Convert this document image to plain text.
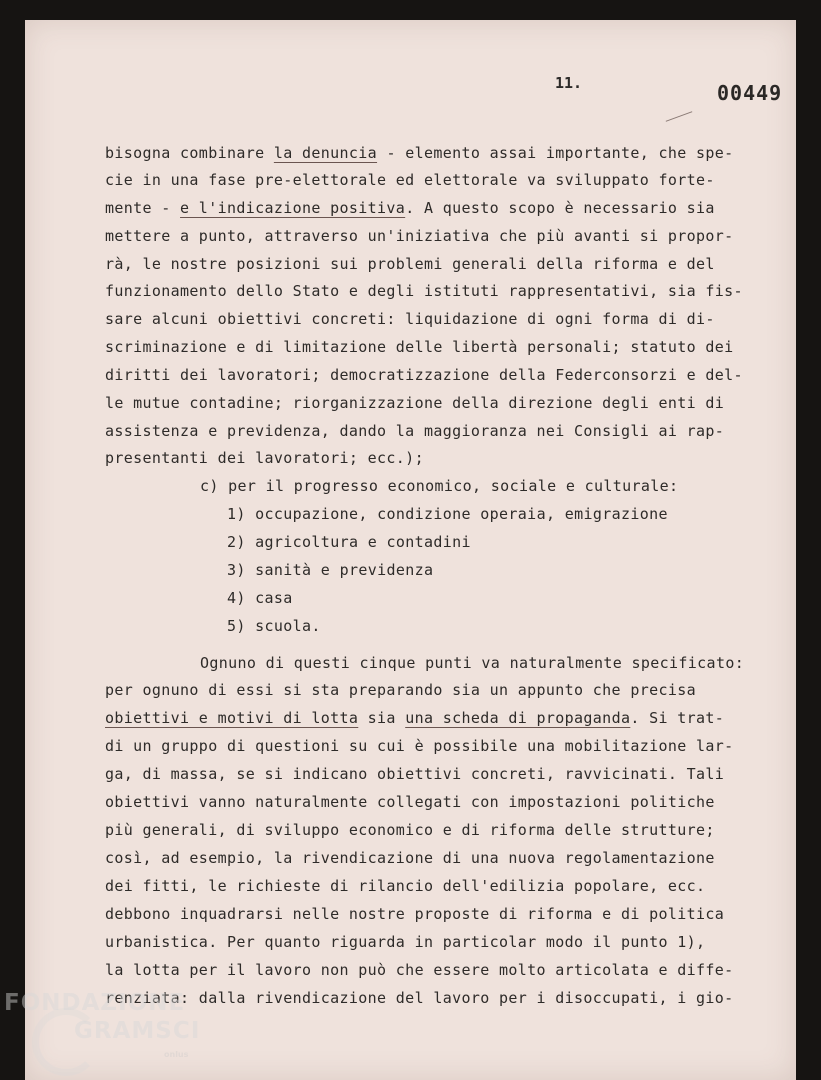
11.	00449
bisogna combinare la denuncia - elemento assai importante, che spe-
cie in una fase pre-elettorale ed elettorale va sviluppato forte-
mente - e l'indicazione positiva. A questo scopo è necessario sia
mettere a punto, attraverso un'iniziativa che più avanti si propor-
rà, le nostre posizioni sui problemi generali della riforma e del
funzionamento dello Stato e degli istituti rappresentativi, sia fis-
sare alcuni obiettivi concreti: liquidazione di ogni forma di di-
scriminazione e di limitazione delle libertà personali; statuto dei
diritti dei lavoratori; democratizzazione della Federconsorzi e del-
le mutue contadine; riorganizzazione della direzione degli enti di
assistenza e previdenza, dando la maggioranza nei Consigli ai rap-
presentanti dei lavoratori; ecc.);
c) per il progresso economico, sociale e culturale:
1) occupazione, condizione operaia, emigrazione
2) agricoltura e contadini
3) sanità e previdenza
4) casa
5) scuola.
Ognuno di questi cinque punti va naturalmente specificato:
per ognuno di essi si sta preparando sia un appunto che precisa
obiettivi e motivi di lotta sia una scheda di propaganda. Si trat-
di un gruppo di questioni su cui è possibile una mobilitazione lar-
ga, di massa, se si indicano obiettivi concreti, ravvicinati. Tali
obiettivi vanno naturalmente collegati con impostazioni politiche
più generali, di sviluppo economico e di riforma delle strutture;
così, ad esempio, la rivendicazione di una nuova regolamentazione
dei fitti, le richieste di rilancio dell'edilizia popolare, ecc.
debbono inquadrarsi nelle nostre proposte di riforma e di politica
urbanistica. Per quanto riguarda in particolar modo il punto 1),
la lotta per il lavoro non può che essere molto articolata e diffe-
renziata: dalla rivendicazione del lavoro per i disoccupati, i gio-
FONDAZIONE
GRAMSCI
onlus
